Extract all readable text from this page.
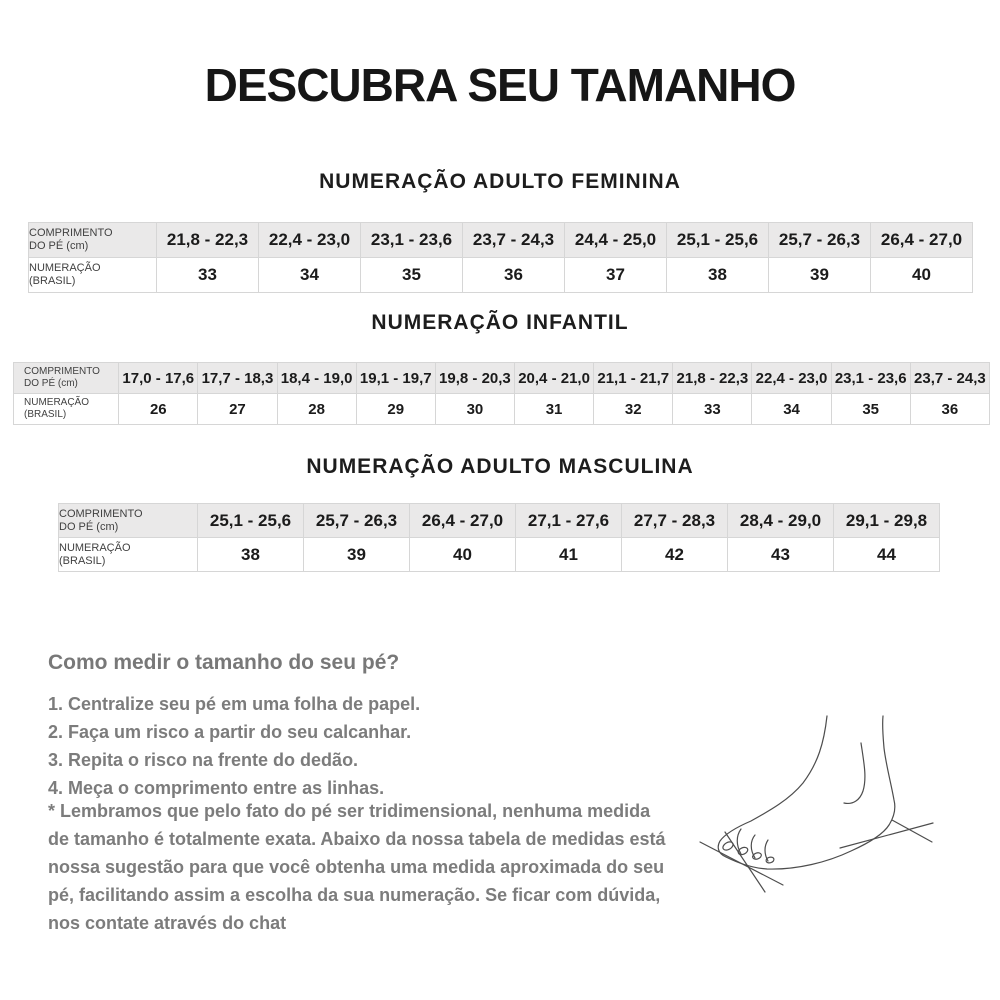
DESCUBRA SEU TAMANHO
NUMERAÇÃO ADULTO FEMININA
COMPRIMENTO
DO PÉ (cm)	21,8 - 22,3	22,4 - 23,0	23,1 - 23,6	23,7 - 24,3	24,4 - 25,0	25,1 - 25,6	25,7 - 26,3	26,4 - 27,0

NUMERAÇÃO
(BRASIL)	33	34	35	36	37	38	39	40
NUMERAÇÃO INFANTIL
COMPRIMENTO
DO PÉ (cm)	17,0 - 17,6	17,7 - 18,3	18,4 - 19,0	19,1 - 19,7	19,8 - 20,3	20,4 - 21,0	21,1 - 21,7	21,8 - 22,3	22,4 - 23,0	23,1 - 23,6	23,7 - 24,3

NUMERAÇÃO
(BRASIL)	26	27	28	29	30	31	32	33	34	35	36
NUMERAÇÃO ADULTO MASCULINA
COMPRIMENTO
DO PÉ (cm)	25,1 - 25,6	25,7 - 26,3	26,4 - 27,0	27,1 - 27,6	27,7 - 28,3	28,4 - 29,0	29,1 - 29,8

NUMERAÇÃO
(BRASIL)	38	39	40	41	42	43	44
Como medir o tamanho do seu pé?
1. Centralize seu pé em uma folha de papel.
2. Faça um risco a partir do seu calcanhar.
3. Repita o risco na frente do dedão.
4. Meça o comprimento entre as linhas.
* Lembramos que pelo fato do pé ser tridimensional, nenhuma medida de tamanho é totalmente exata. Abaixo da nossa tabela de medidas está nossa sugestão para que você obtenha uma medida aproximada do seu pé, facilitando assim a escolha da sua numeração. Se ficar com dúvida, nos contate através do chat
